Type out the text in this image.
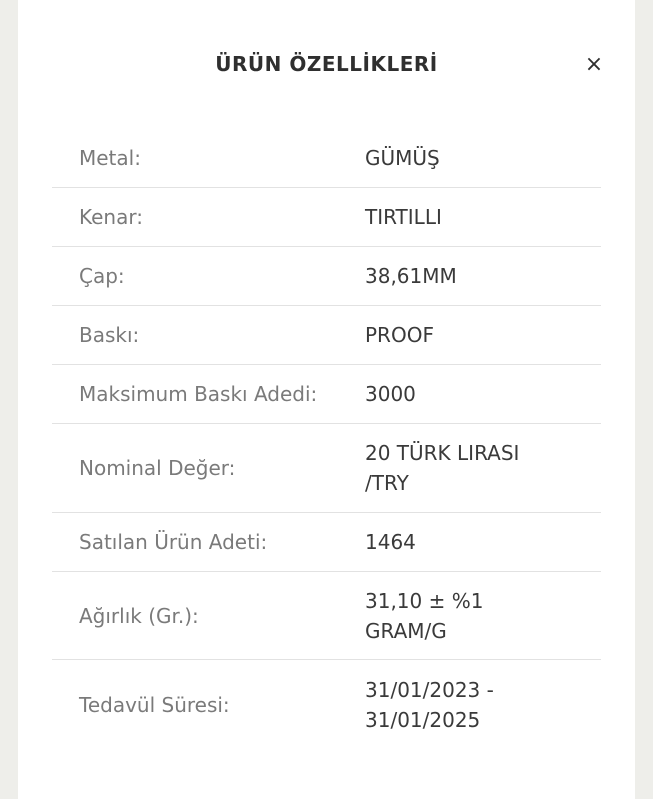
ÜRÜN ÖZELLİKLERİ	×
Metal:	GÜMÜŞ
Kenar:	TIRTILLI
Çap:	38,61MM
Baskı:	PROOF
Maksimum Baskı Adedi:	3000
Nominal Değer:
20 TÜRK LIRASI /TRY
Satılan Ürün Adeti:	1464
Ağırlık (Gr.):
31,10 ± %1 GRAM/G
Tedavül Süresi:
31/01/2023 - 31/01/2025
